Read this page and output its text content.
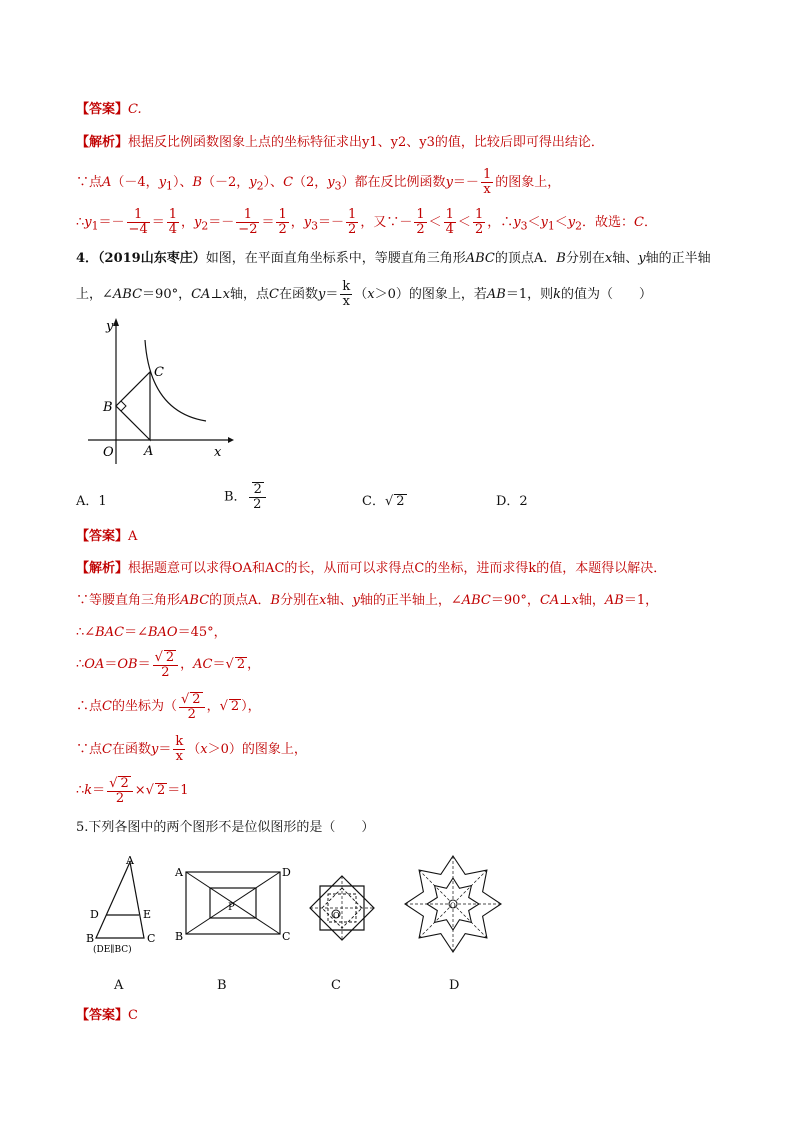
【答案】C.
【解析】根据反比例函数图象上点的坐标特征求出y1、y2、y3的值，比较后即可得出结论．
∵点A（－4，$y_1$）、B（－2，$y_2$）、C（2，$y_3$）都在反比例函数$y=- \frac{1}{x}$ 的图象上，
$\therefore y_1=- \frac{1}{-4} = \frac{1}{4}$ ，$y_2=- \frac{1}{-2} = \frac{1}{2}$ ，$y_3=- \frac{1}{2}$ ，又∵－ $\frac{1}{2} < \frac{1}{4} < \frac{1}{2}$ ，$\therefore y_3<y_1<y_2$．故选：C．
4．（2019山东枣庄）如图，在平面直角坐标系中，等腰直角三角形ABC的顶点A．B分别在x轴、y轴的正半轴
上，∠ABC＝90°，CA⊥x轴，点C在函数$y= \frac{k}{x} (x>0)$的图象上，若AB＝1，则k的值为（　　）
y
x
O A
B
C
A．1	B． $\frac{2}{2}$	C．√ 2	D．2
【答案】A
【解析】根据题意可以求得OA和AC的长，从而可以求得点C的坐标，进而求得k的值，本题得以解决．
∵等腰直角三角形ABC的顶点A．B分别在x轴、y轴的正半轴上，∠ABC＝90°，CA⊥x轴，AB＝1，
∴∠BAC＝∠BAO＝45°，
∴OA＝OB＝ $\frac{√ 2}{2}$ ，AC＝√ 2 ，
∴点C的坐标为（ $\frac{√ 2}{2}$ ，√ 2 ），
∵点C在函数$y= \frac{k}{x} (x>0)$的图象上，
∴k＝ $\frac{√ 2}{2}$ ×√ 2 ＝1
5.下列各图中的两个图形不是位似图形的是（　　）
A
D	E
B	C
(DE∥BC)
A	D
B	C
P
O
O
A	B	C	D
【答案】C
